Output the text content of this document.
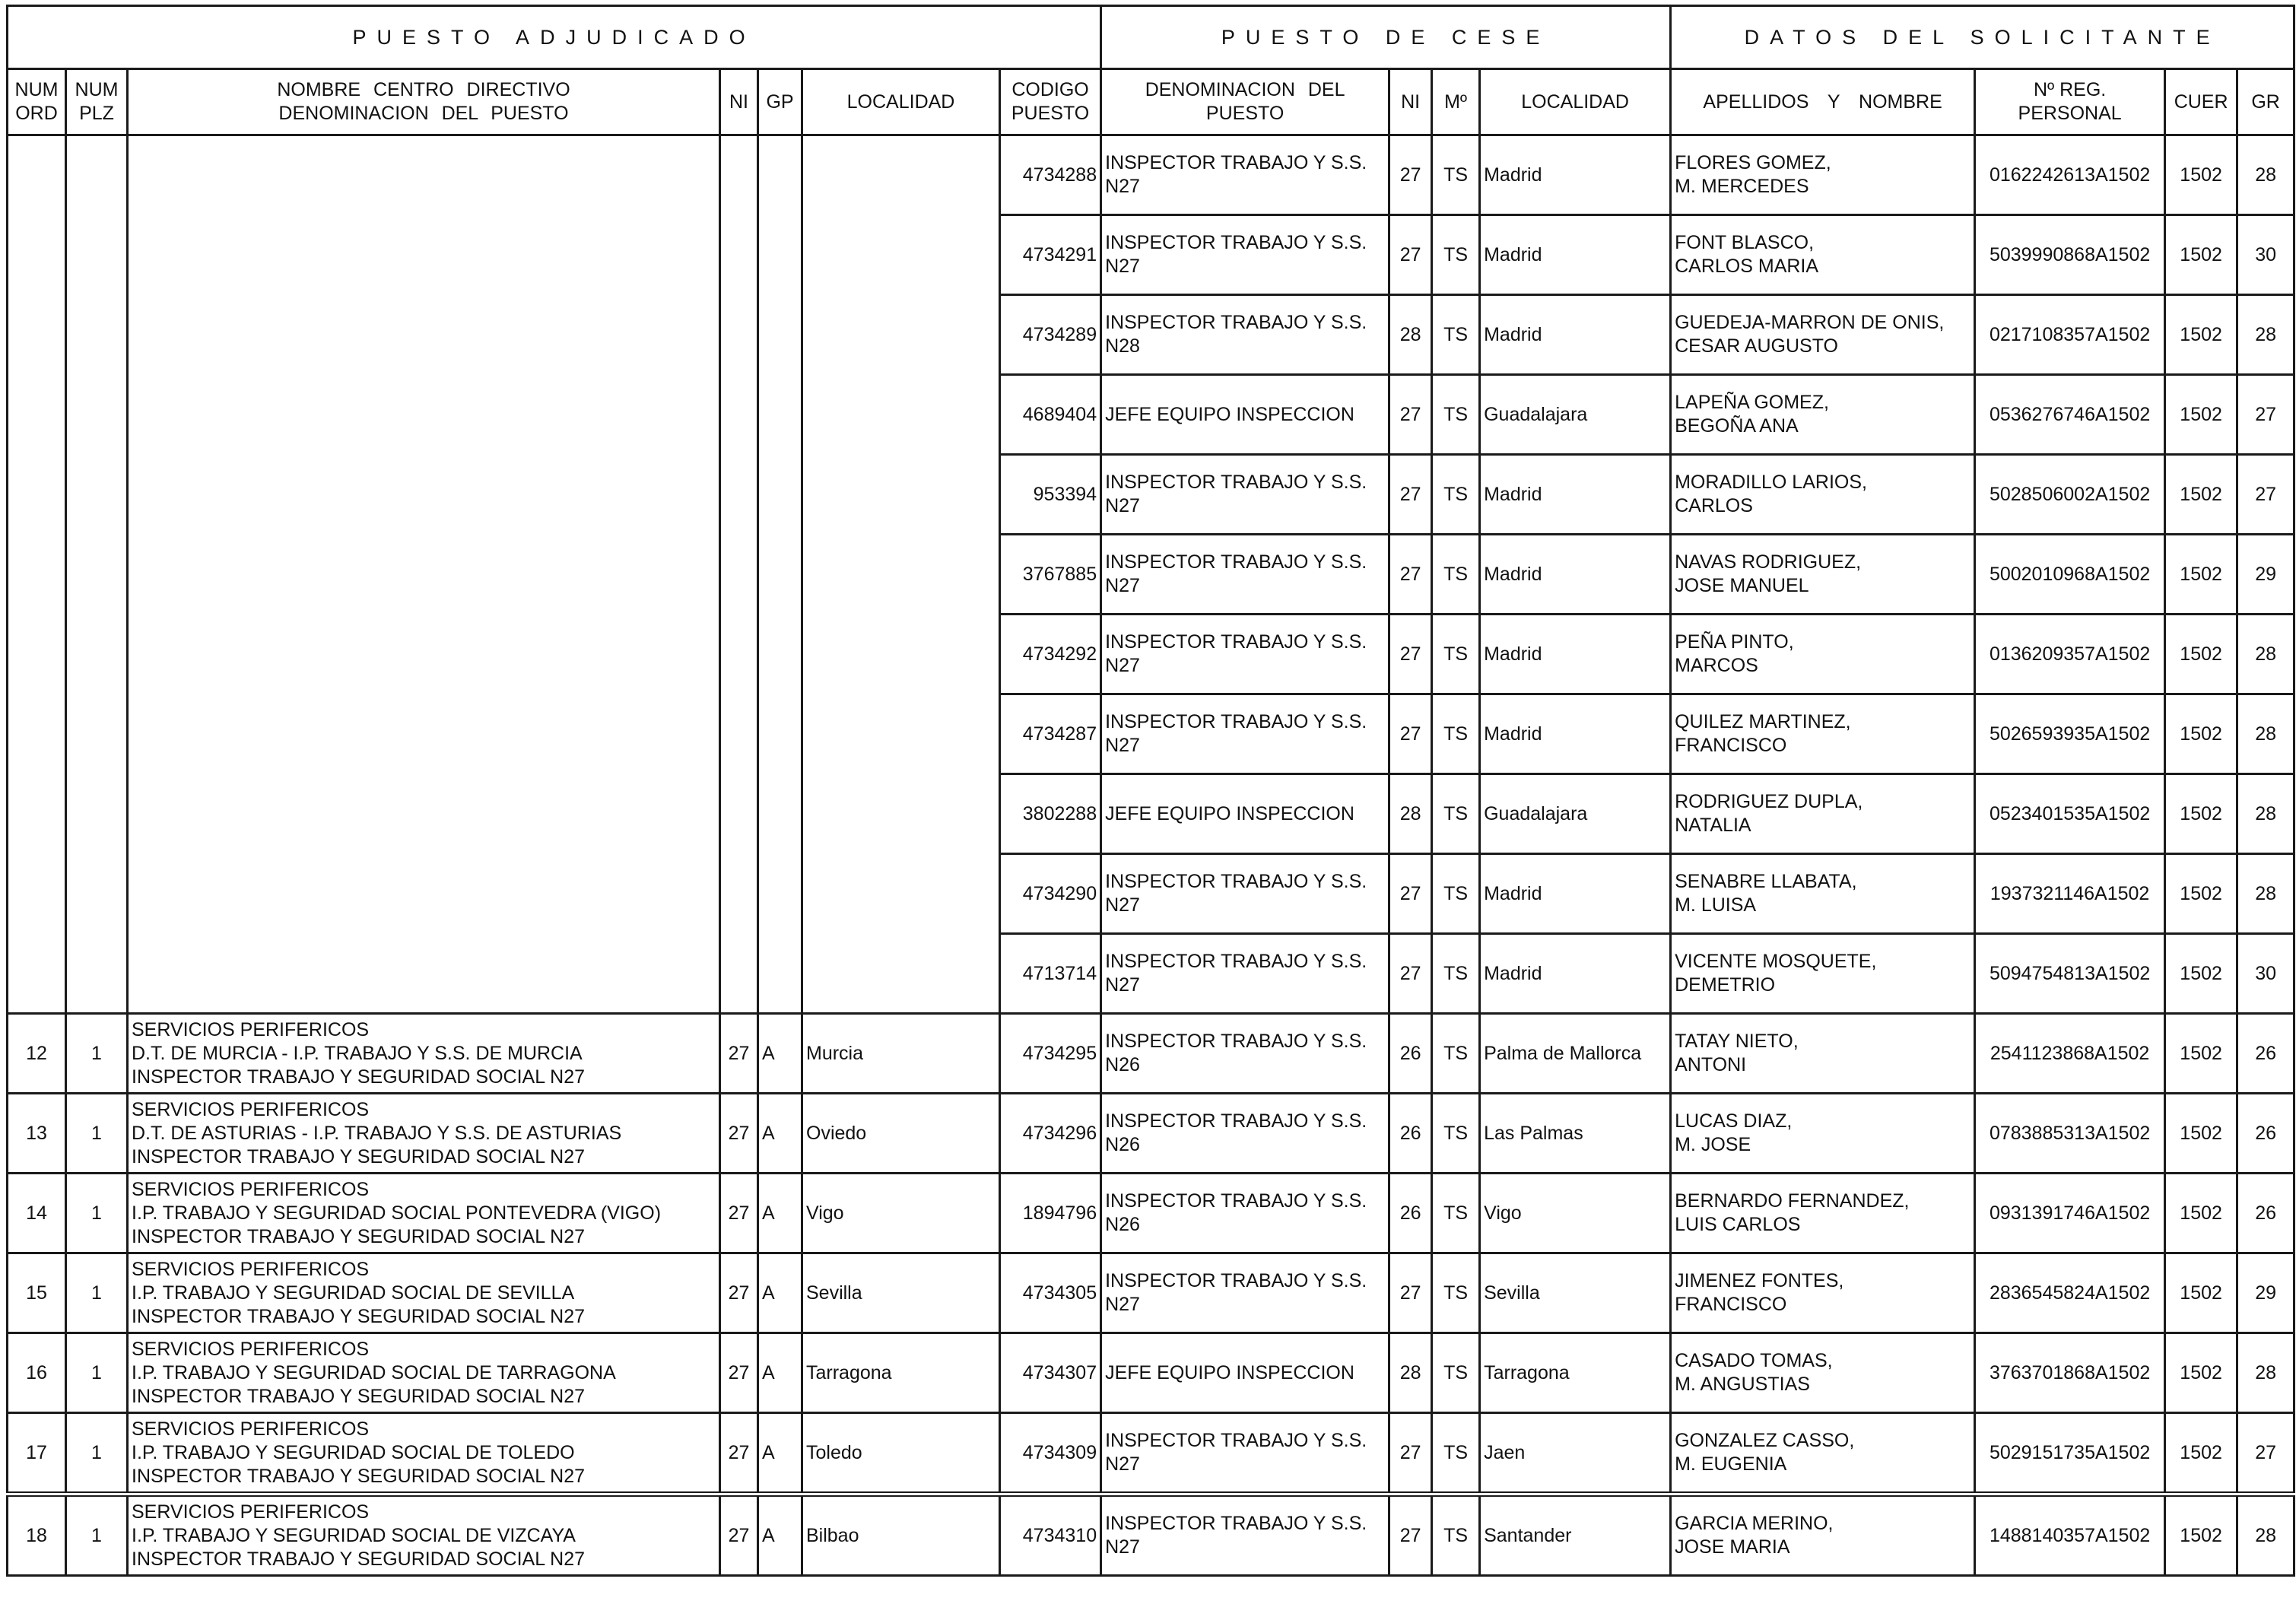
PUESTO ADJUDICADO							PUESTO DE CESE				DATOS DEL SOLICITANTE			
NUM
ORD	NUM
PLZ	NOMBRE CENTRO DIRECTIVO
DENOMINACION DEL PUESTO	NI	GP	LOCALIDAD	CODIGO
PUESTO	DENOMINACION DEL
PUESTO	NI	Mº	LOCALIDAD	APELLIDOS Y NOMBRE	Nº REG.
PERSONAL	CUER	GR
						4734288	INSPECTOR TRABAJO Y S.S.
N27	27	TS	Madrid	FLORES GOMEZ,
M. MERCEDES	0162242613A1502	1502	28
						4734291	INSPECTOR TRABAJO Y S.S.
N27	27	TS	Madrid	FONT BLASCO,
CARLOS MARIA	5039990868A1502	1502	30
						4734289	INSPECTOR TRABAJO Y S.S.
N28	28	TS	Madrid	GUEDEJA-MARRON DE ONIS,
CESAR AUGUSTO	0217108357A1502	1502	28
						4689404	JEFE EQUIPO INSPECCION	27	TS	Guadalajara	LAPEÑA GOMEZ,
BEGOÑA ANA	0536276746A1502	1502	27
						953394	INSPECTOR TRABAJO Y S.S.
N27	27	TS	Madrid	MORADILLO LARIOS,
CARLOS	5028506002A1502	1502	27
						3767885	INSPECTOR TRABAJO Y S.S.
N27	27	TS	Madrid	NAVAS RODRIGUEZ,
JOSE MANUEL	5002010968A1502	1502	29
						4734292	INSPECTOR TRABAJO Y S.S.
N27	27	TS	Madrid	PEÑA PINTO,
MARCOS	0136209357A1502	1502	28
						4734287	INSPECTOR TRABAJO Y S.S.
N27	27	TS	Madrid	QUILEZ MARTINEZ,
FRANCISCO	5026593935A1502	1502	28
						3802288	JEFE EQUIPO INSPECCION	28	TS	Guadalajara	RODRIGUEZ DUPLA,
NATALIA	0523401535A1502	1502	28
						4734290	INSPECTOR TRABAJO Y S.S.
N27	27	TS	Madrid	SENABRE LLABATA,
M. LUISA	1937321146A1502	1502	28
						4713714	INSPECTOR TRABAJO Y S.S.
N27	27	TS	Madrid	VICENTE MOSQUETE,
DEMETRIO	5094754813A1502	1502	30
12	1	SERVICIOS PERIFERICOS
D.T. DE MURCIA - I.P. TRABAJO Y S.S. DE MURCIA
INSPECTOR TRABAJO Y SEGURIDAD SOCIAL N27	27	A	Murcia	4734295	INSPECTOR TRABAJO Y S.S.
N26	26	TS	Palma de Mallorca	TATAY NIETO,
ANTONI	2541123868A1502	1502	26
13	1	SERVICIOS PERIFERICOS
D.T. DE ASTURIAS - I.P. TRABAJO Y S.S. DE ASTURIAS
INSPECTOR TRABAJO Y SEGURIDAD SOCIAL N27	27	A	Oviedo	4734296	INSPECTOR TRABAJO Y S.S.
N26	26	TS	Las Palmas	LUCAS DIAZ,
M. JOSE	0783885313A1502	1502	26
14	1	SERVICIOS PERIFERICOS
I.P. TRABAJO Y SEGURIDAD SOCIAL PONTEVEDRA (VIGO)
INSPECTOR TRABAJO Y SEGURIDAD SOCIAL N27	27	A	Vigo	1894796	INSPECTOR TRABAJO Y S.S.
N26	26	TS	Vigo	BERNARDO FERNANDEZ,
LUIS CARLOS	0931391746A1502	1502	26
15	1	SERVICIOS PERIFERICOS
I.P. TRABAJO Y SEGURIDAD SOCIAL DE SEVILLA
INSPECTOR TRABAJO Y SEGURIDAD SOCIAL N27	27	A	Sevilla	4734305	INSPECTOR TRABAJO Y S.S.
N27	27	TS	Sevilla	JIMENEZ FONTES,
FRANCISCO	2836545824A1502	1502	29
16	1	SERVICIOS PERIFERICOS
I.P. TRABAJO Y SEGURIDAD SOCIAL DE TARRAGONA
INSPECTOR TRABAJO Y SEGURIDAD SOCIAL N27	27	A	Tarragona	4734307	JEFE EQUIPO INSPECCION	28	TS	Tarragona	CASADO TOMAS,
M. ANGUSTIAS	3763701868A1502	1502	28
17	1	SERVICIOS PERIFERICOS
I.P. TRABAJO Y SEGURIDAD SOCIAL DE TOLEDO
INSPECTOR TRABAJO Y SEGURIDAD SOCIAL N27	27	A	Toledo	4734309	INSPECTOR TRABAJO Y S.S.
N27	27	TS	Jaen	GONZALEZ CASSO,
M. EUGENIA	5029151735A1502	1502	27
18	1	SERVICIOS PERIFERICOS
I.P. TRABAJO Y SEGURIDAD SOCIAL DE VIZCAYA
INSPECTOR TRABAJO Y SEGURIDAD SOCIAL N27	27	A	Bilbao	4734310	INSPECTOR TRABAJO Y S.S.
N27	27	TS	Santander	GARCIA MERINO,
JOSE MARIA	1488140357A1502	1502	28
